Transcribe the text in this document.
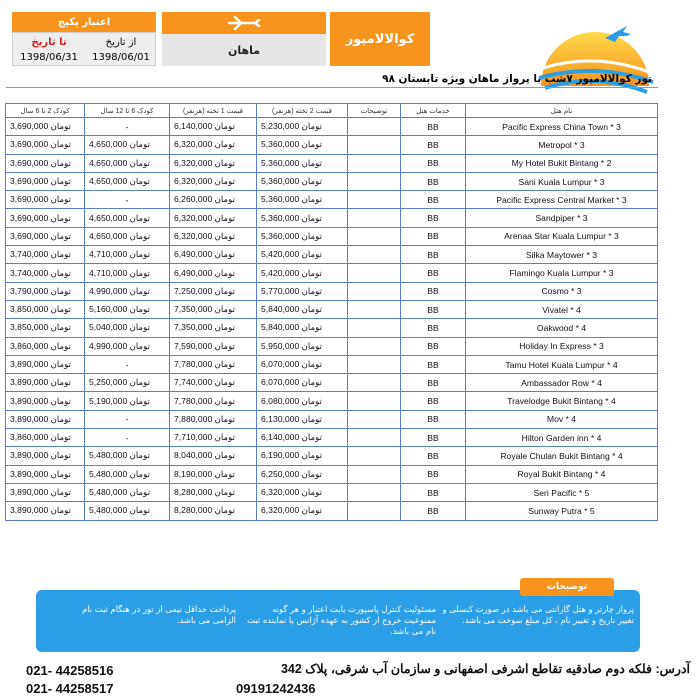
اعتبار پکیج
تا تاریخ	از تاریخ
1398/06/31	1398/06/01
ماهان
کوالالامپور
تور کوالالامپور ۷شب با پرواز ماهان ویژه تابستان ۹۸
کودک 2 تا 6 سال	کودک 6 تا 12 سال	قیمت 1 تخته (هرنفر)	قیمت 2 تخته (هرنفر)	توضیحات	خدمات هتل	نام هتل
3,690,000 تومان	-	6,140,000 تومان	5,230,000 تومان		BB	Pacific Express China Town * 3
3,690,000 تومان	4,650,000 تومان	6,320,000 تومان	5,360,000 تومان		BB	Metropol * 3
3,690,000 تومان	4,650,000 تومان	6,320,000 تومان	5,360,000 تومان		BB	My Hotel Bukit Bintang * 2
3,690,000 تومان	4,650,000 تومان	6,320,000 تومان	5,360,000 تومان		BB	Sani Kuala Lumpur * 3
3,690,000 تومان	-	6,260,000 تومان	5,360,000 تومان		BB	Pacific Express Central Market * 3
3,690,000 تومان	4,650,000 تومان	6,320,000 تومان	5,360,000 تومان		BB	Sandpiper * 3
3,690,000 تومان	4,650,000 تومان	6,320,000 تومان	5,360,000 تومان		BB	Arenaa Star Kuala Lumpur * 3
3,740,000 تومان	4,710,000 تومان	6,490,000 تومان	5,420,000 تومان		BB	Silka Maytower * 3
3,740,000 تومان	4,710,000 تومان	6,490,000 تومان	5,420,000 تومان		BB	Flamingo Kuala Lumpur * 3
3,790,000 تومان	4,990,000 تومان	7,250,000 تومان	5,770,000 تومان		BB	Cosmo * 3
3,850,000 تومان	5,160,000 تومان	7,350,000 تومان	5,840,000 تومان		BB	Vivatel * 4
3,850,000 تومان	5,040,000 تومان	7,350,000 تومان	5,840,000 تومان		BB	Oakwood * 4
3,860,000 تومان	4,990,000 تومان	7,590,000 تومان	5,950,000 تومان		BB	Holiday In Express * 3
3,890,000 تومان	-	7,780,000 تومان	6,070,000 تومان		BB	Tamu Hotel Kuala Lumpur * 4
3,890,000 تومان	5,250,000 تومان	7,740,000 تومان	6,070,000 تومان		BB	Ambassador Row * 4
3,890,000 تومان	5,190,000 تومان	7,780,000 تومان	6,080,000 تومان		BB	Travelodge Bukit Bintang * 4
3,890,000 تومان	-	7,880,000 تومان	6,130,000 تومان		BB	Mov * 4
3,860,000 تومان	-	7,710,000 تومان	6,140,000 تومان		BB	Hilton Garden inn * 4
3,890,000 تومان	5,480,000 تومان	8,040,000 تومان	6,190,000 تومان		BB	Royale Chulan Bukit Bintang * 4
3,890,000 تومان	5,480,000 تومان	8,190,000 تومان	6,250,000 تومان		BB	Royal Bukit Bintang * 4
3,890,000 تومان	5,480,000 تومان	8,280,000 تومان	6,320,000 تومان		BB	Seri Pacific * 5
3,890,000 تومان	5,480,000 تومان	8,280,000 تومان	6,320,000 تومان		BB	Sunway Putra * 5
توضیحات
پرواز چارتر و هتل گارانتی می باشد در صورت کنسلی و تغییر تاریخ و تغییر نام ، کل مبلغ سوخت می باشد.
مسئولیت کنترل پاسپورت بابت اعتبار و هر گونه ممنوعیت خروج از کشور به عهده آژانس یا نماینده ثبت نام می باشد.
پرداخت حداقل نیمی از تور در هنگام ثبت نام الزامی می باشد.
آدرس: فلکه دوم صادقیه تقاطع اشرفی اصفهانی و سازمان آب شرقی، پلاک 342
021- 44258516
021- 44258517	09191242436
